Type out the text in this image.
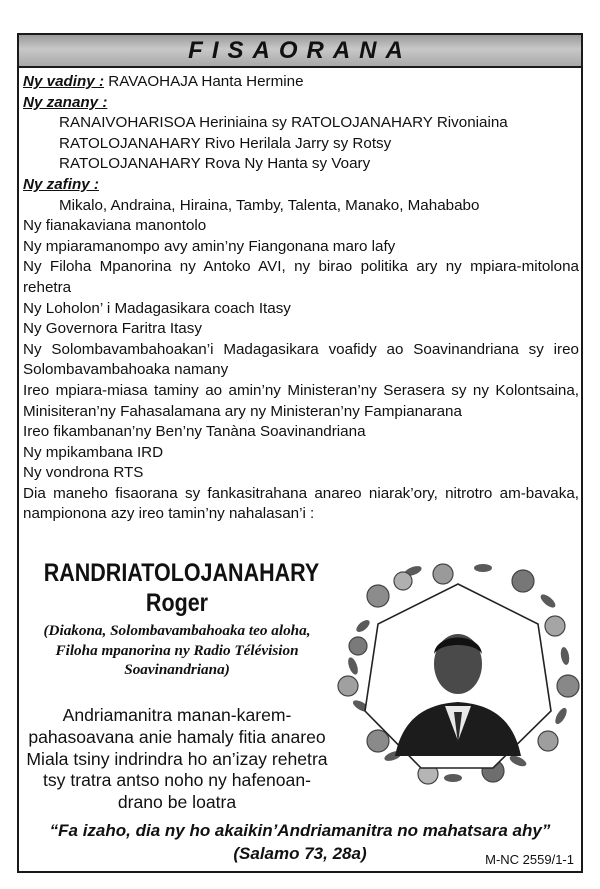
FISAORANA
Ny vadiny : RAVAOHAJA Hanta Hermine
Ny zanany :
RANAIVOHARISOA Heriniaina sy RATOLOJANAHARY Rivoniaina
RATOLOJANAHARY Rivo Herilala Jarry sy Rotsy
RATOLOJANAHARY Rova Ny Hanta sy Voary
Ny zafiny :
Mikalo, Andraina, Hiraina, Tamby, Talenta, Manako, Mahababo
Ny fianakaviana manontolo
Ny mpiaramanompo avy amin’ny Fiangonana maro lafy
Ny Filoha Mpanorina ny Antoko AVI, ny birao politika ary ny mpiara-mitolona rehetra
Ny Loholon’ i Madagasikara coach Itasy
Ny Governora Faritra Itasy
Ny Solombavambahoakan’i Madagasikara voafidy ao Soavinandriana sy ireo Solombavambahoaka namany
Ireo mpiara-miasa taminy ao amin’ny Ministeran’ny Serasera sy ny Kolontsaina, Minisiteran’ny Fahasalamana ary ny Ministeran’ny Fampianarana
Ireo fikambanan’ny Ben’ny Tanàna Soavinandriana
Ny mpikambana IRD
Ny vondrona RTS
Dia maneho fisaorana sy fankasitrahana anareo niarak’ory, nitrotro am-bavaka, nampionona azy ireo tamin’ny nahalasan’i :
RANDRIATOLOJANAHARY
Roger
(Diakona, Solombavambahoaka teo aloha,
Filoha mpanorina ny Radio Télévision
Soavinandriana)
Andriamanitra manan-karem-
pahasoavana anie hamaly fitia anareo
Miala tsiny indrindra ho an’izay rehetra
tsy tratra antso noho ny hafenoan-
drano be loatra
“Fa izaho, dia ny ho akaikin’Andriamanitra no mahatsara ahy”
(Salamo 73, 28a)	M-NC 2559/1-1
